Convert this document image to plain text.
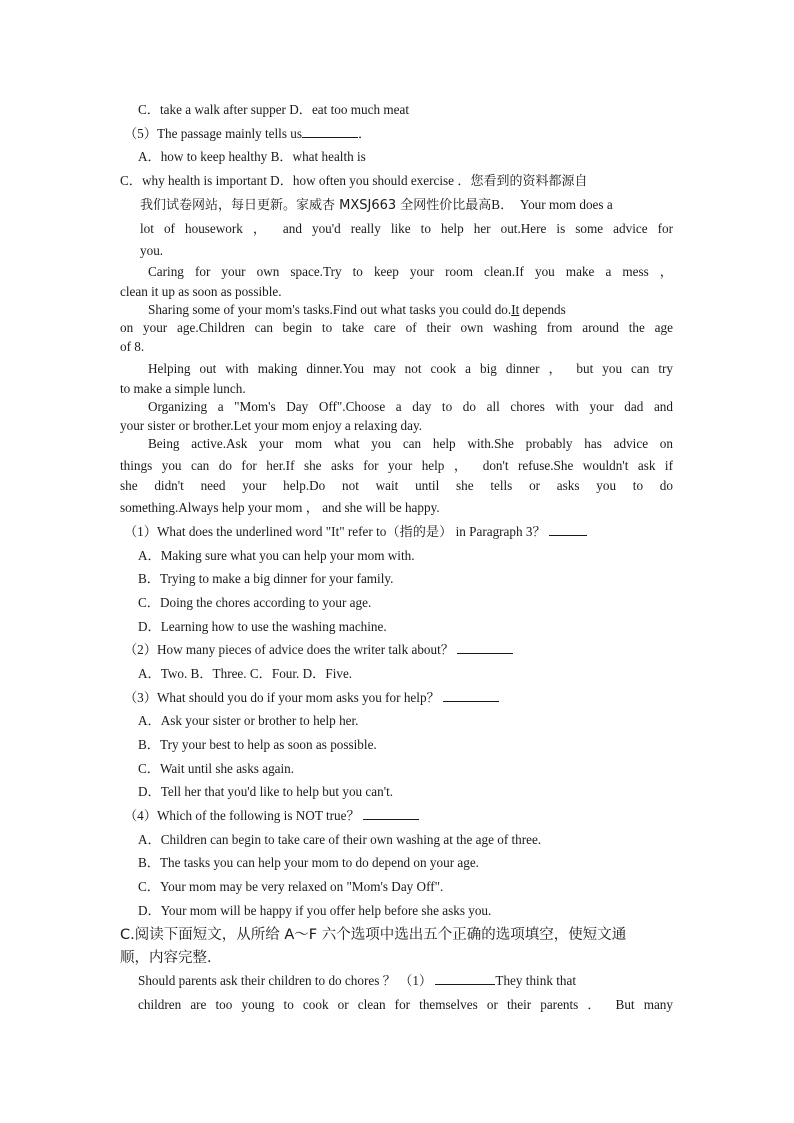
C．take a walk after supper D．eat too much meat
（5）The passage mainly tells us	．
A．how to keep healthy B．what health is
C．why health is important D．how often you should exercise ．您看到的资料都源自
我们试卷网站，每日更新。家威杏 MXSJ663 全网性价比最高B． Your mom does a
lot of housework ， and you'd really like to help her out.Here is some advice for
you.
Caring for your own space.Try to keep your room clean.If you make a mess ，
clean it up as soon as possible.
Sharing some of your mom's tasks.Find out what tasks you could do.It depends
on your age.Children can begin to take care of their own washing from around the age
of 8.
Helping out with making dinner.You may not cook a big dinner ， but you can try
to make a simple lunch.
Organizing a "Mom's Day Off".Choose a day to do all chores with your dad and
your sister or brother.Let your mom enjoy a relaxing day.
Being active.Ask your mom what you can help with.She probably has advice on
things you can do for her.If she asks for your help ， don't refuse.She wouldn't ask if
she didn't need your help.Do not wait until she tells or asks you to do
something.Always help your mom ， and she will be happy.
（1）What does the underlined word "It" refer to（指的是） in Paragraph 3？
A．Making sure what you can help your mom with.
B．Trying to make a big dinner for your family.
C．Doing the chores according to your age.
D．Learning how to use the washing machine.
（2）How many pieces of advice does the writer talk about？
A．Two. B．Three. C．Four. D．Five.
（3）What should you do if your mom asks you for help？
A．Ask your sister or brother to help her.
B．Try your best to help as soon as possible.
C．Wait until she asks again.
D．Tell her that you'd like to help but you can't.
（4）Which of the following is NOT true？
A．Children can begin to take care of their own washing at the age of three.
B．The tasks you can help your mom to do depend on your age.
C．Your mom may be very relaxed on "Mom's Day Off".
D．Your mom will be happy if you offer help before she asks you.
C.阅读下面短文，从所给 A～F 六个选项中选出五个正确的选项填空，使短文通
顺，内容完整.
Should parents ask their children to do chores ？ （1）	They think that
children are too young to cook or clean for themselves or their parents ． But many
